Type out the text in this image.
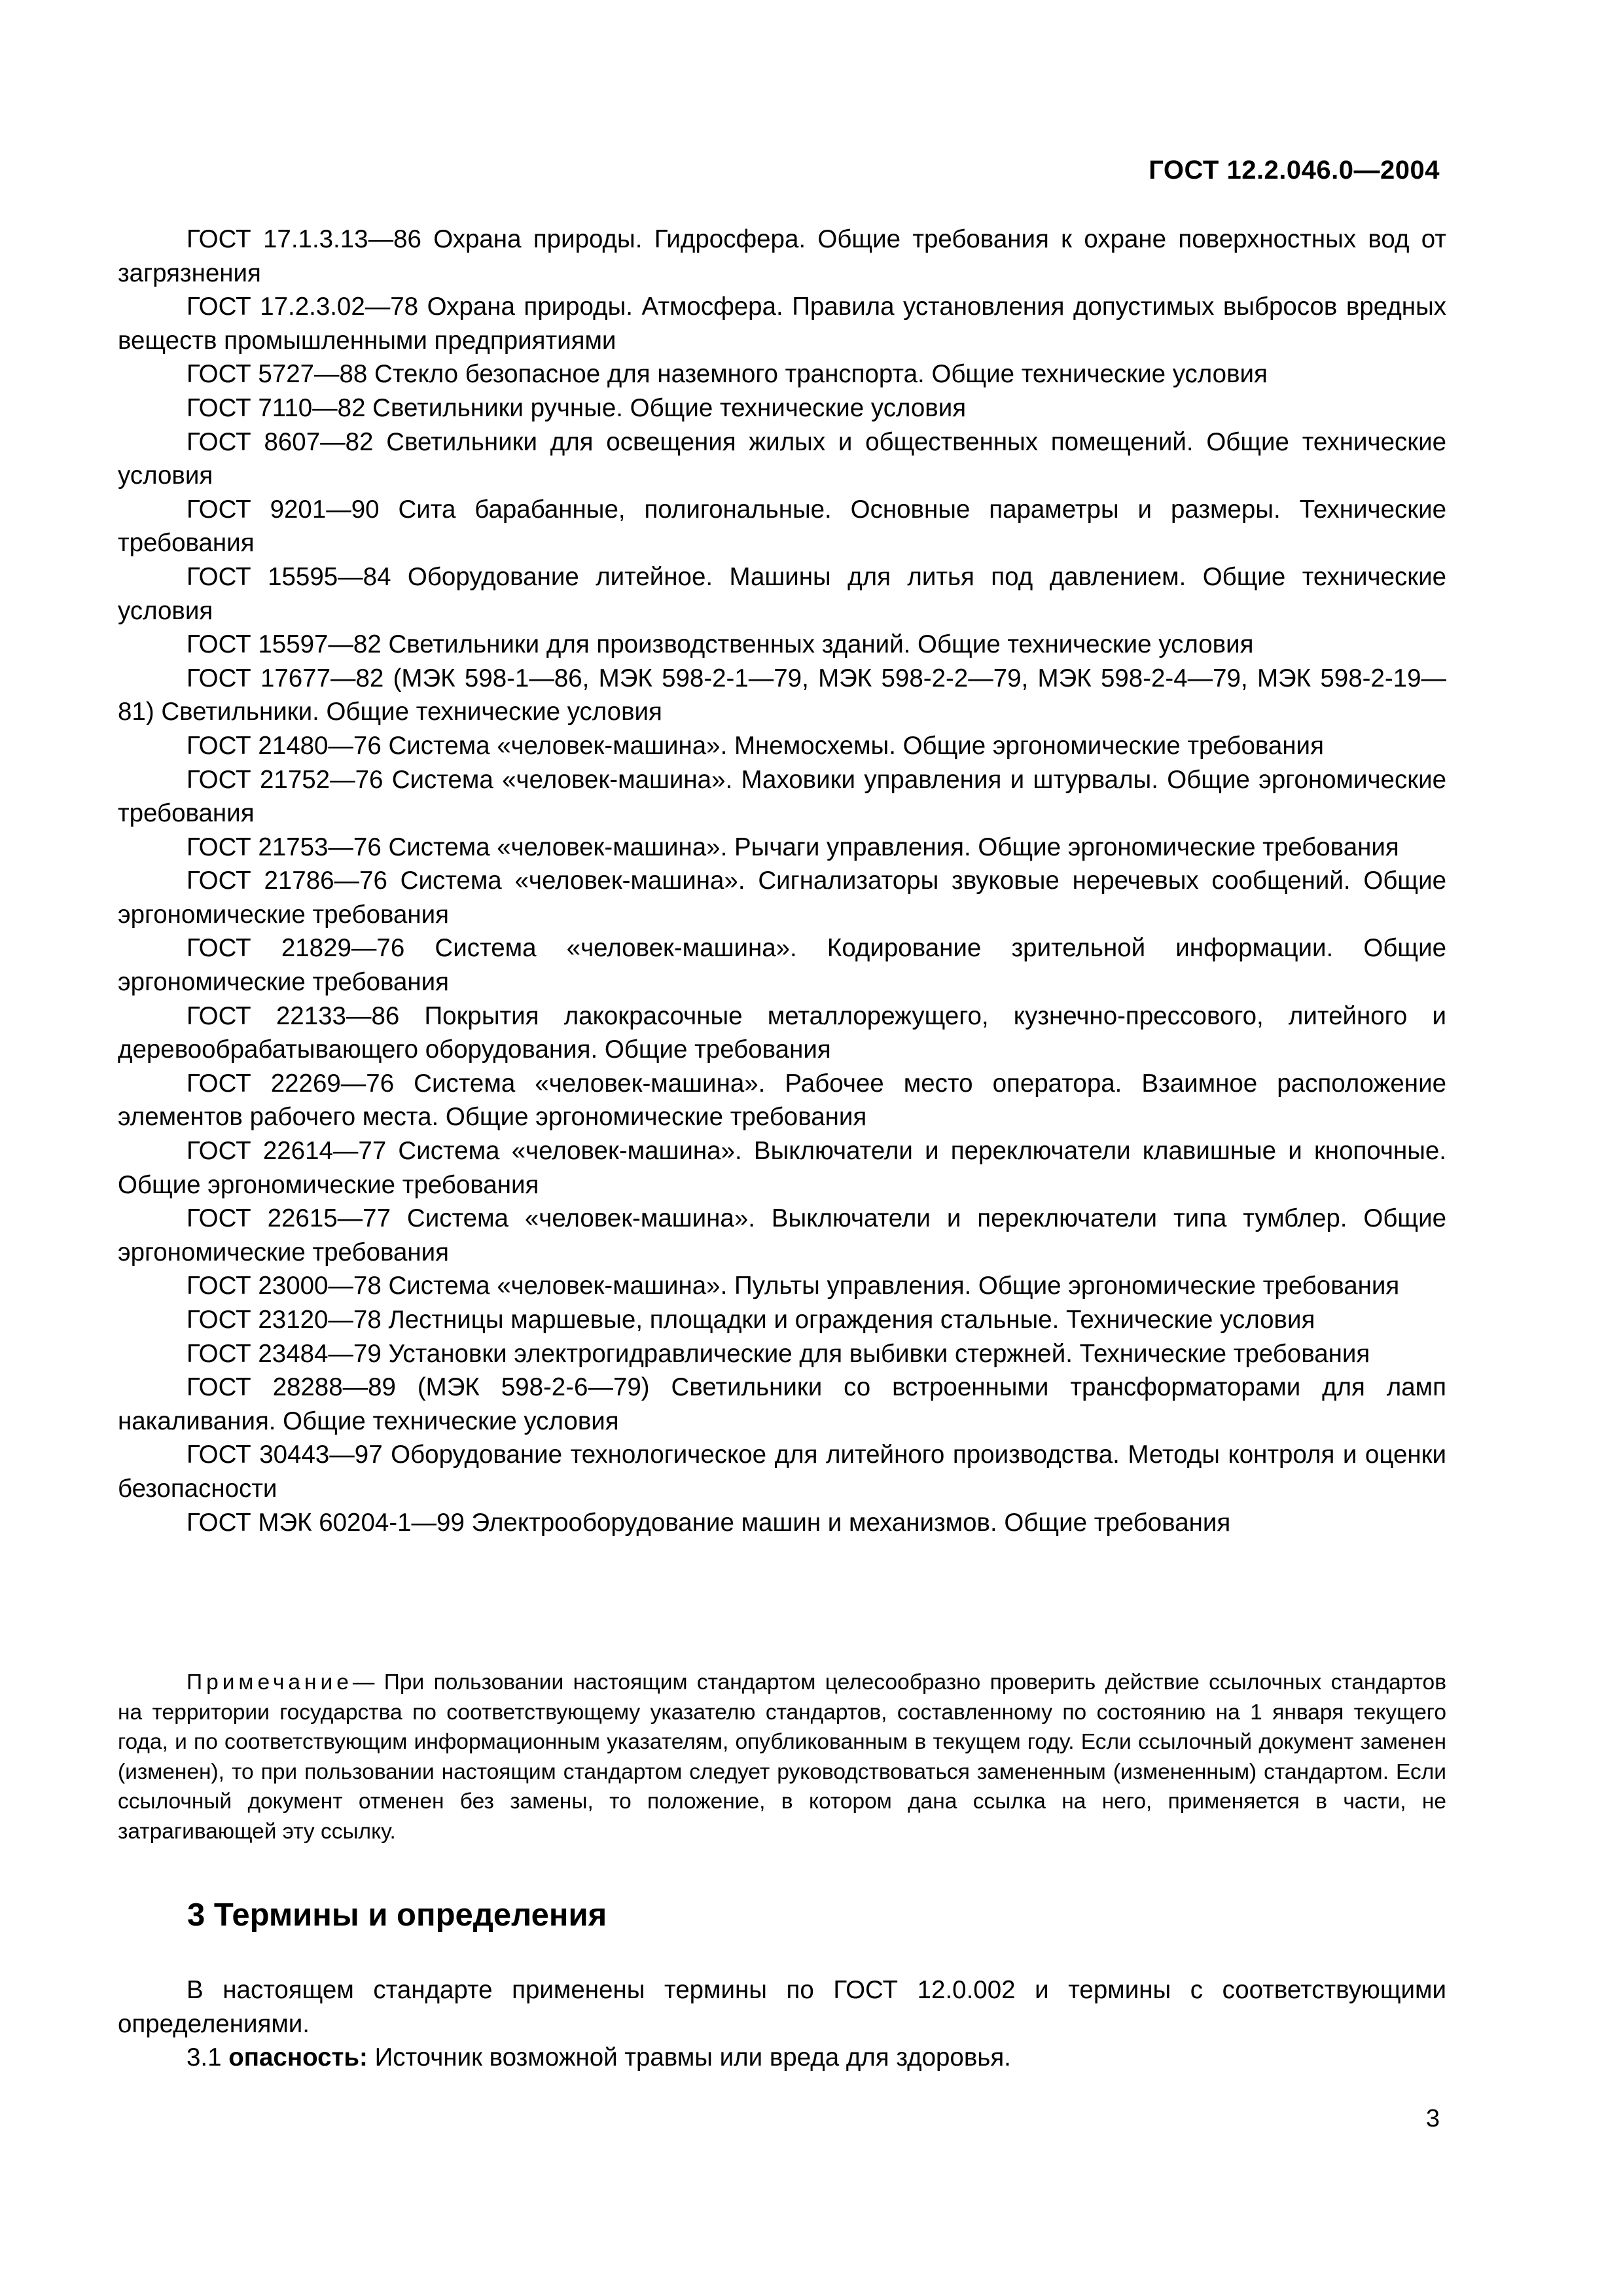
ГОСТ 12.2.046.0—2004

ГОСТ 17.1.3.13—86 Охрана природы. Гидросфера. Общие требования к охране поверхностных вод от загрязнения

ГОСТ 17.2.3.02—78 Охрана природы. Атмосфера. Правила установления допустимых выбросов вредных веществ промышленными предприятиями

ГОСТ 5727—88 Стекло безопасное для наземного транспорта. Общие технические условия

ГОСТ 7110—82 Светильники ручные. Общие технические условия

ГОСТ 8607—82 Светильники для освещения жилых и общественных помещений. Общие технические условия

ГОСТ 9201—90 Сита барабанные, полигональные. Основные параметры и размеры. Технические требования

ГОСТ 15595—84 Оборудование литейное. Машины для литья под давлением. Общие технические условия

ГОСТ 15597—82 Светильники для производственных зданий. Общие технические условия

ГОСТ 17677—82 (МЭК 598-1—86, МЭК 598-2-1—79, МЭК 598-2-2—79, МЭК 598-2-4—79, МЭК 598-2-19—81) Светильники. Общие технические условия

ГОСТ 21480—76 Система «человек-машина». Мнемосхемы. Общие эргономические требования

ГОСТ 21752—76 Система «человек-машина». Маховики управления и штурвалы. Общие эргономические требования

ГОСТ 21753—76 Система «человек-машина». Рычаги управления. Общие эргономические требования

ГОСТ 21786—76 Система «человек-машина». Сигнализаторы звуковые неречевых сообщений. Общие эргономические требования

ГОСТ 21829—76 Система «человек-машина». Кодирование зрительной информации. Общие эргономические требования

ГОСТ 22133—86 Покрытия лакокрасочные металлорежущего, кузнечно-прессового, литейного и деревообрабатывающего оборудования. Общие требования

ГОСТ 22269—76 Система «человек-машина». Рабочее место оператора. Взаимное расположение элементов рабочего места. Общие эргономические требования

ГОСТ 22614—77 Система «человек-машина». Выключатели и переключатели клавишные и кнопочные. Общие эргономические требования

ГОСТ 22615—77 Система «человек-машина». Выключатели и переключатели типа тумблер. Общие эргономические требования

ГОСТ 23000—78 Система «человек-машина». Пульты управления. Общие эргономические требования

ГОСТ 23120—78 Лестницы маршевые, площадки и ограждения стальные. Технические условия

ГОСТ 23484—79 Установки электрогидравлические для выбивки стержней. Технические требования

ГОСТ 28288—89 (МЭК 598-2-6—79) Светильники со встроенными трансформаторами для ламп накаливания. Общие технические условия

ГОСТ 30443—97 Оборудование технологическое для литейного производства. Методы контроля и оценки безопасности

ГОСТ МЭК 60204-1—99 Электрооборудование машин и механизмов. Общие требования

Примечание— При пользовании настоящим стандартом целесообразно проверить действие ссылочных стандартов на территории государства по соответствующему указателю стандартов, составленному по состоянию на 1 января текущего года, и по соответствующим информационным указателям, опубликованным в текущем году. Если ссылочный документ заменен (изменен), то при пользовании настоящим стандартом следует руководствоваться замененным (измененным) стандартом. Если ссылочный документ отменен без замены, то положение, в котором дана ссылка на него, применяется в части, не затрагивающей эту ссылку.

3 Термины и определения

В настоящем стандарте применены термины по ГОСТ 12.0.002 и термины с соответствующими определениями.

3.1 опасность: Источник возможной травмы или вреда для здоровья.

3
